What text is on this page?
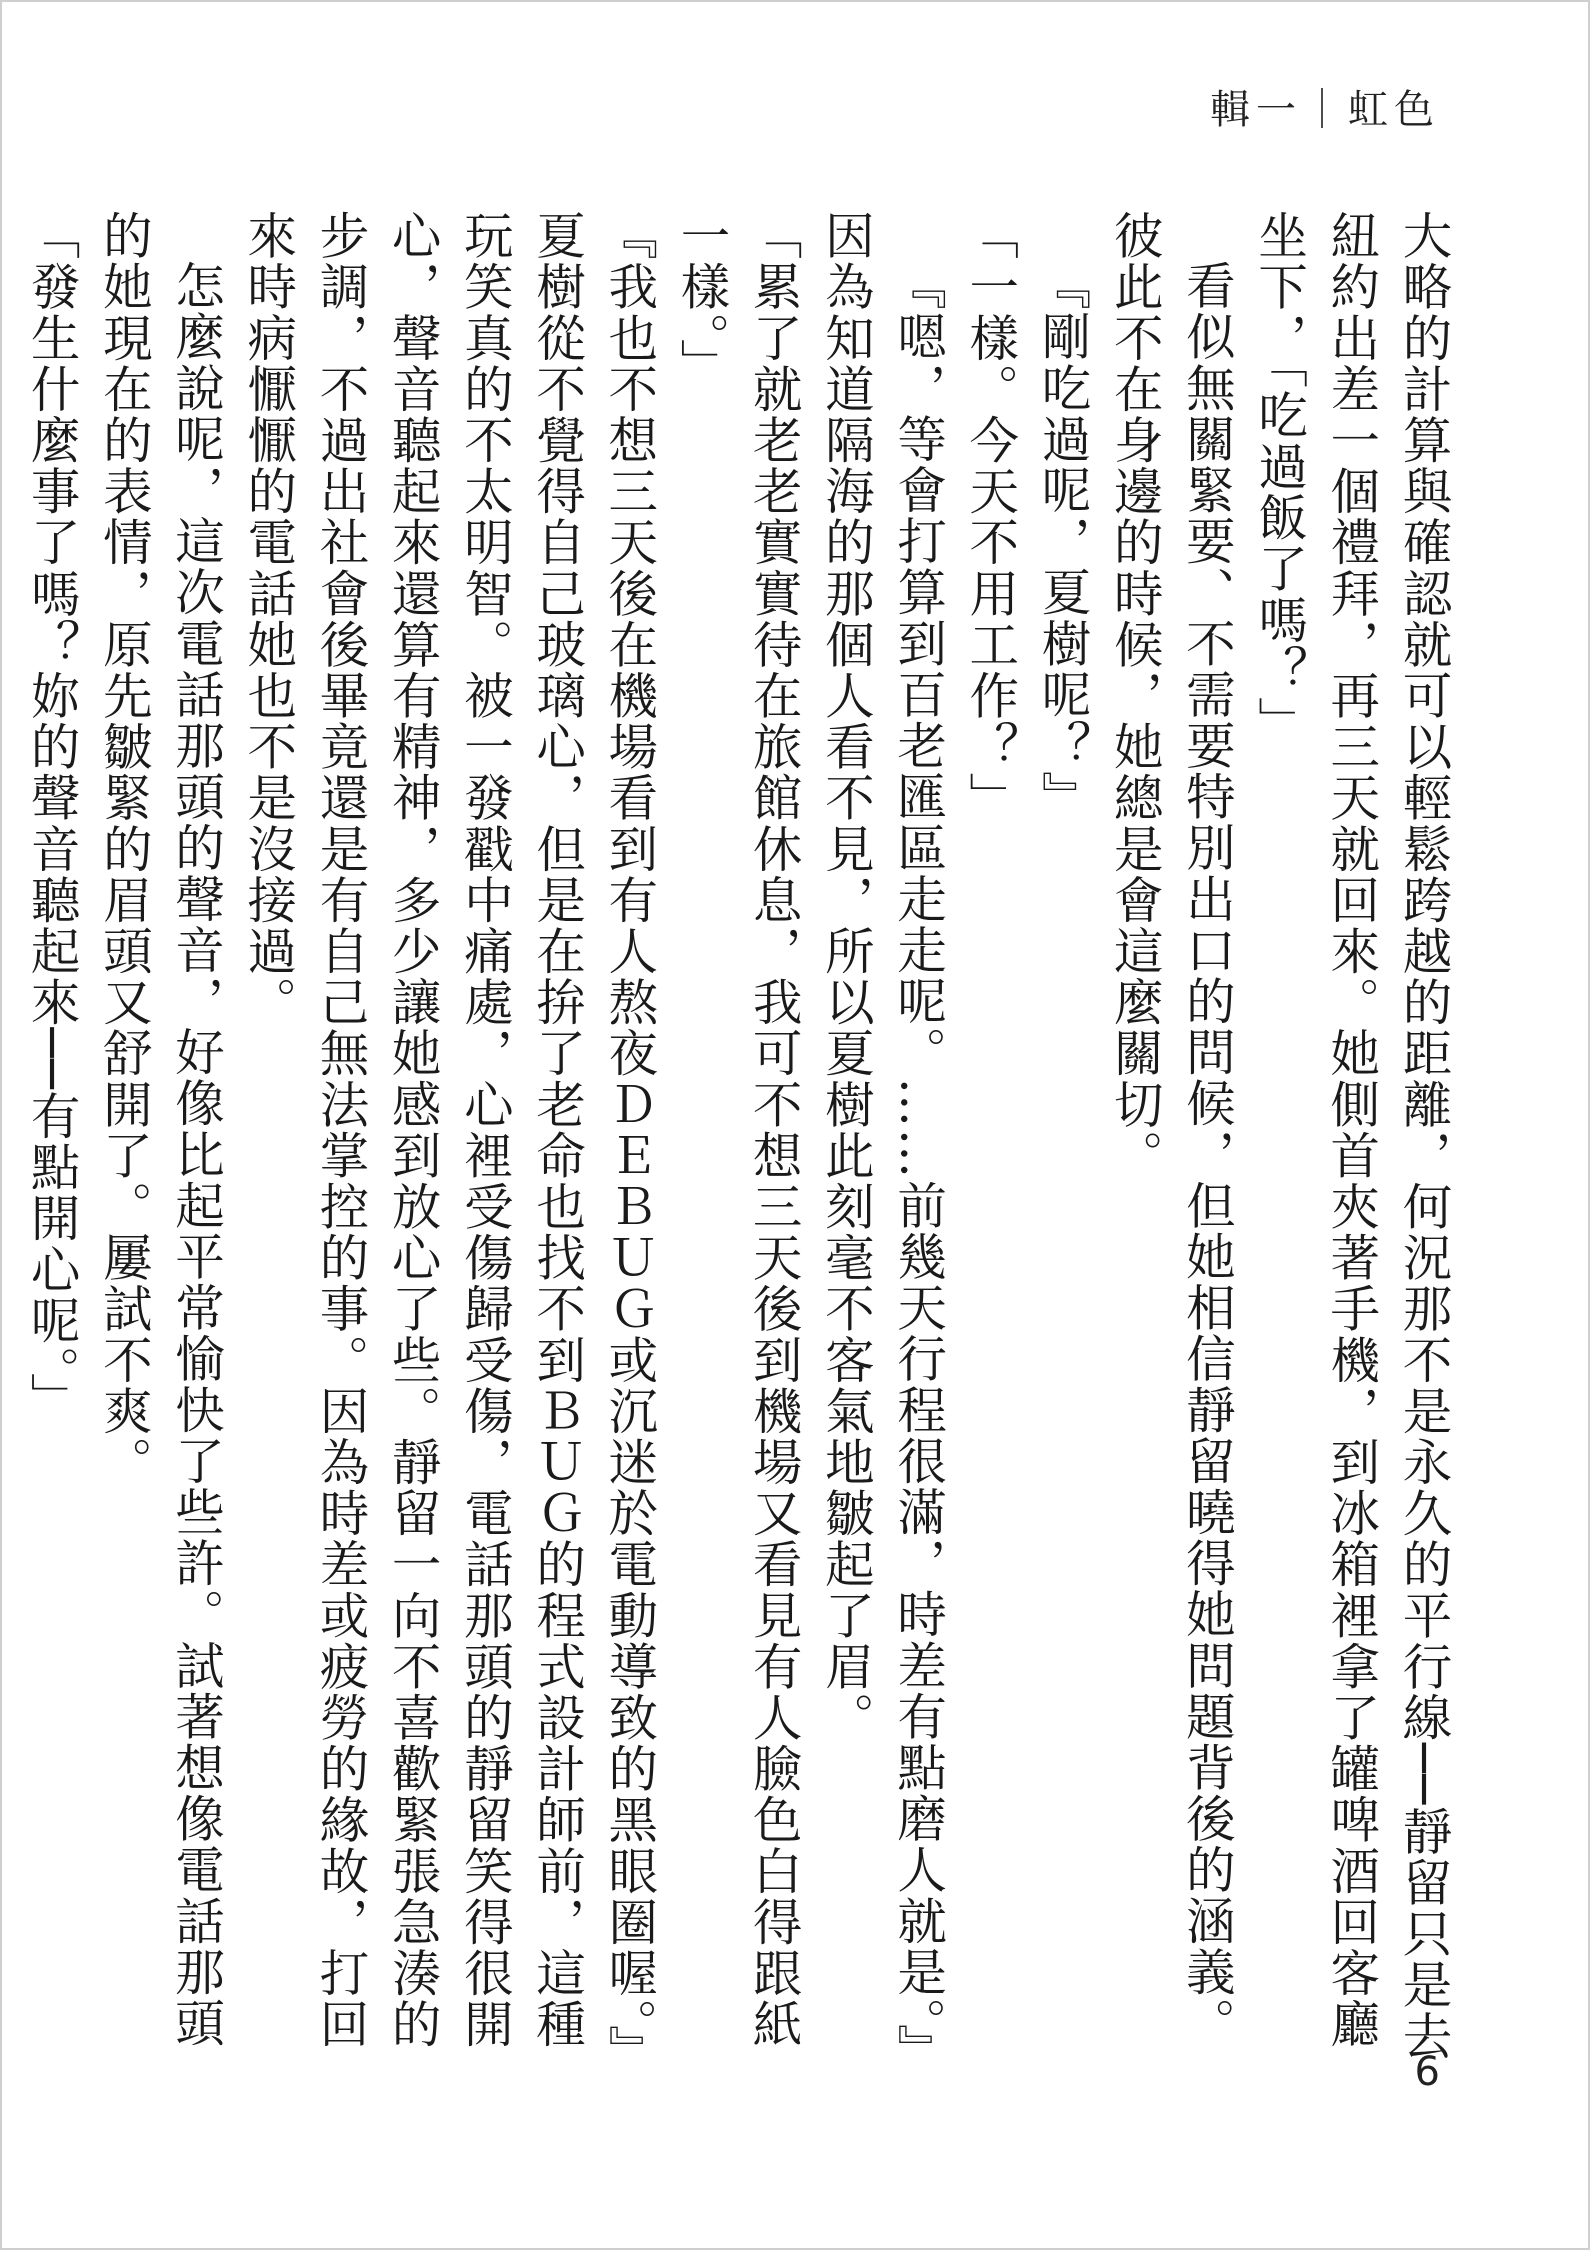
輯一｜虹色

大略的計算與確認就可以輕鬆跨越的距離，何況那不是永久的平行線──靜留只是去紐約出差一個禮拜，再三天就回來。她側首夾著手機，到冰箱裡拿了罐啤酒回客廳坐下，「吃過飯了嗎？」

看似無關緊要、不需要特別出口的問候，但她相信靜留曉得她問題背後的涵義。彼此不在身邊的時候，她總是會這麼關切。

『剛吃過呢，夏樹呢？』

「一樣。今天不用工作？」

『嗯，等會打算到百老匯區走走呢。……前幾天行程很滿，時差有點磨人就是。』

因為知道隔海的那個人看不見，所以夏樹此刻毫不客氣地皺起了眉。

「累了就老老實實待在旅館休息，我可不想三天後到機場又看見有人臉色白得跟紙一樣。」

『我也不想三天後在機場看到有人熬夜ＤＥＢＵＧ或沉迷於電動導致的黑眼圈喔。』

夏樹從不覺得自己玻璃心，但是在拚了老命也找不到ＢＵＧ的程式設計師前，這種玩笑真的不太明智。被一發戳中痛處，心裡受傷歸受傷，電話那頭的靜留笑得很開心，聲音聽起來還算有精神，多少讓她感到放心了些。靜留一向不喜歡緊張急湊的步調，不過出社會後畢竟還是有自己無法掌控的事。因為時差或疲勞的緣故，打回來時病懨懨的電話她也不是沒接過。

怎麼說呢，這次電話那頭的聲音，好像比起平常愉快了些許。試著想像電話那頭的她現在的表情，原先皺緊的眉頭又舒開了。屢試不爽。

「發生什麼事了嗎？妳的聲音聽起來──有點開心呢。」

6
